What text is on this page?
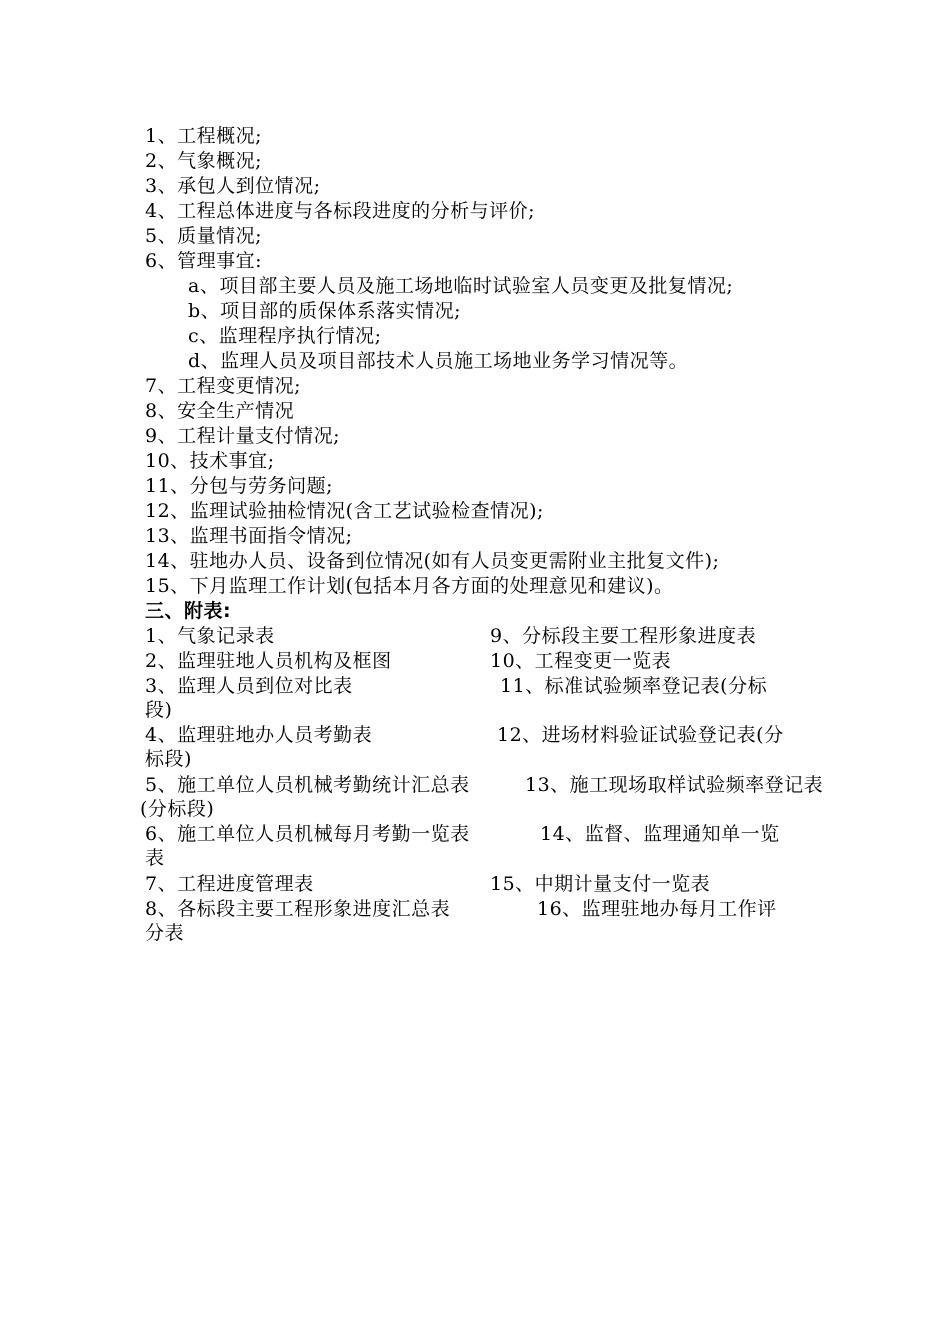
1、工程概况;
2、气象概况;
3、承包人到位情况;
4、工程总体进度与各标段进度的分析与评价;
5、质量情况;
6、管理事宜:
a、项目部主要人员及施工场地临时试验室人员变更及批复情况;
b、项目部的质保体系落实情况;
c、监理程序执行情况;
d、监理人员及项目部技术人员施工场地业务学习情况等。
7、工程变更情况;
8、安全生产情况
9、工程计量支付情况;
10、技术事宜;
11、分包与劳务问题;
12、监理试验抽检情况(含工艺试验检查情况);
13、监理书面指令情况;
14、驻地办人员、设备到位情况(如有人员变更需附业主批复文件);
15、下月监理工作计划(包括本月各方面的处理意见和建议)。
三、附表:
1、气象记录表	9、分标段主要工程形象进度表
2、监理驻地人员机构及框图	10、工程变更一览表
3、监理人员到位对比表	11、标准试验频率登记表(分标
段)
4、监理驻地办人员考勤表	12、进场材料验证试验登记表(分
标段)
5、施工单位人员机械考勤统计汇总表	13、施工现场取样试验频率登记表
(分标段)
6、施工单位人员机械每月考勤一览表	14、监督、监理通知单一览
表
7、工程进度管理表	15、中期计量支付一览表
8、各标段主要工程形象进度汇总表	16、监理驻地办每月工作评
分表
